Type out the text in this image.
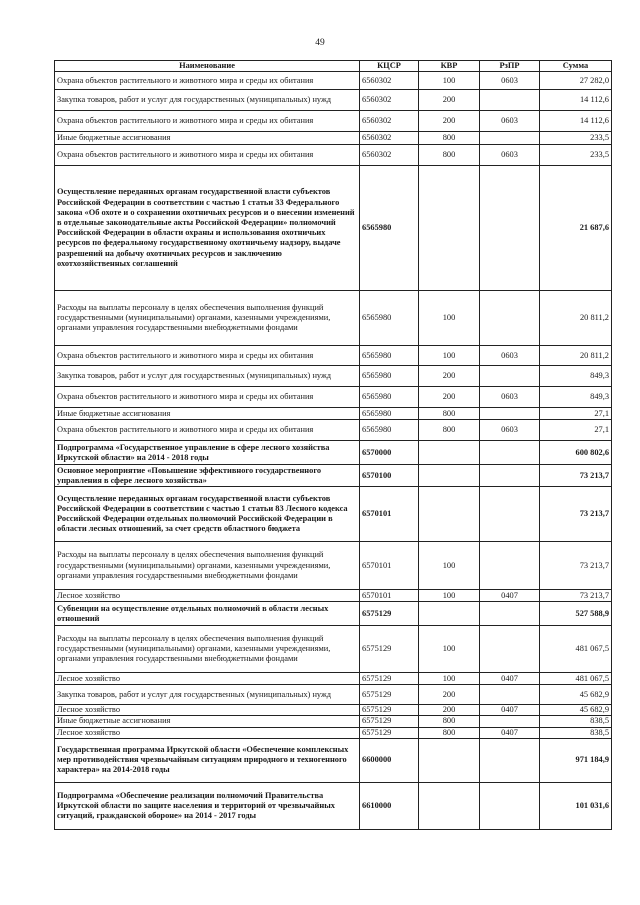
49
Наименование	КЦСР	КВР	РзПР	Сумма
Охрана объектов растительного и животного мира и среды их обитания	6560302	100	0603	27 282,0
Закупка товаров, работ и услуг для государственных (муниципальных) нужд	6560302	200		14 112,6
Охрана объектов растительного и животного мира и среды их обитания	6560302	200	0603	14 112,6
Иные бюджетные ассигнования	6560302	800		233,5
Охрана объектов растительного и животного мира и среды их обитания	6560302	800	0603	233,5
Осуществление переданных органам государственной власти субъектов Российской Федерации в соответствии с частью 1 статьи 33 Федерального закона «Об охоте и о сохранении охотничьих ресурсов и о внесении изменений в отдельные законодательные акты Российской Федерации» полномочий Российской Федерации в области охраны и использования охотничьих ресурсов по федеральному государственному охотничьему надзору, выдаче разрешений на добычу охотничьих ресурсов и заключению охотхозяйственных соглашений	6565980			21 687,6
Расходы на выплаты персоналу в целях обеспечения выполнения функций государственными (муниципальными) органами, казенными учреждениями, органами управления государственными внебюджетными фондами	6565980	100		20 811,2
Охрана объектов растительного и животного мира и среды их обитания	6565980	100	0603	20 811,2
Закупка товаров, работ и услуг для государственных (муниципальных) нужд	6565980	200		849,3
Охрана объектов растительного и животного мира и среды их обитания	6565980	200	0603	849,3
Иные бюджетные ассигнования	6565980	800		27,1
Охрана объектов растительного и животного мира и среды их обитания	6565980	800	0603	27,1
Подпрограмма «Государственное управление в сфере лесного хозяйства Иркутской области» на 2014 - 2018 годы	6570000			600 802,6
Основное мероприятие «Повышение эффективного государственного управления в сфере лесного хозяйства»	6570100			73 213,7
Осуществление переданных органам государственной власти субъектов Российской Федерации в соответствии с частью 1 статьи 83 Лесного кодекса Российской Федерации отдельных полномочий Российской Федерации в области лесных отношений, за счет средств областного бюджета	6570101			73 213,7
Расходы на выплаты персоналу в целях обеспечения выполнения функций государственными (муниципальными) органами, казенными учреждениями, органами управления государственными внебюджетными фондами	6570101	100		73 213,7
Лесное хозяйство	6570101	100	0407	73 213,7
Субвенции на осуществление отдельных полномочий в области лесных отношений	6575129			527 588,9
Расходы на выплаты персоналу в целях обеспечения выполнения функций государственными (муниципальными) органами, казенными учреждениями, органами управления государственными внебюджетными фондами	6575129	100		481 067,5
Лесное хозяйство	6575129	100	0407	481 067,5
Закупка товаров, работ и услуг для государственных (муниципальных) нужд	6575129	200		45 682,9
Лесное хозяйство	6575129	200	0407	45 682,9
Иные бюджетные ассигнования	6575129	800		838,5
Лесное хозяйство	6575129	800	0407	838,5
Государственная программа Иркутской области «Обеспечение комплексных мер противодействия чрезвычайным ситуациям природного и техногенного характера» на 2014-2018 годы	6600000			971 184,9
Подпрограмма «Обеспечение реализации полномочий Правительства Иркутской области по защите населения и территорий от чрезвычайных ситуаций, гражданской обороне» на 2014 - 2017 годы	6610000			101 031,6
